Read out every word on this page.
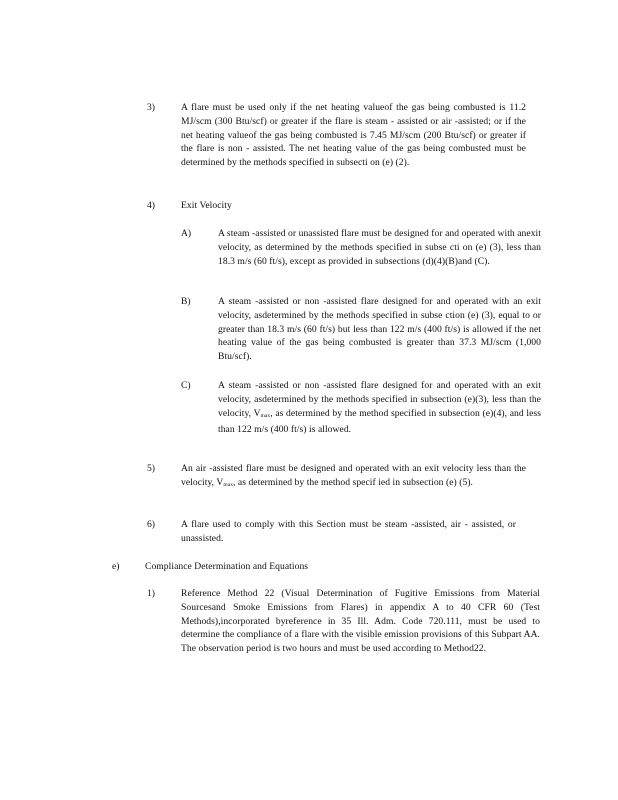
3)	A flare must be used only if the net heating valueof the gas being combusted is 11.2 MJ/scm (300 Btu/scf) or greater if the flare is steam - assisted or air -assisted; or if the net heating valueof the gas being combusted is 7.45 MJ/scm (200 Btu/scf) or greater if the flare is non - assisted. The net heating value of the gas being combusted must be determined by the methods specified in subsecti on (e) (2).
4)	Exit Velocity
A)	A steam -assisted or unassisted flare must be designed for and operated with anexit velocity, as determined by the methods specified in subse cti on (e) (3), less than 18.3 m/s (60 ft/s), except as provided in subsections (d)(4)(B)and (C).
B)	A steam -assisted or non -assisted flare designed for and operated with an exit velocity, asdetermined by the methods specified in subse ction (e) (3), equal to or greater than 18.3 m/s (60 ft/s) but less than 122 m/s (400 ft/s) is allowed if the net heating value of the gas being combusted is greater than 37.3 MJ/scm (1,000 Btu/scf).
C)	A steam -assisted or non -assisted flare designed for and operated with an exit velocity, asdetermined by the methods specified in subsection (e)(3), less than the velocity, Vmax, as determined by the method specified in subsection (e)(4), and less than 122 m/s (400 ft/s) is allowed.
5)	An air -assisted flare must be designed and operated with an exit velocity less than the velocity, Vmax, as determined by the method specif ied in subsection (e) (5).
6)	A flare used to comply with this Section must be steam -assisted, air - assisted, or unassisted.
e)	Compliance Determination and Equations
1)	Reference Method 22 (Visual Determination of Fugitive Emissions from Material Sourcesand Smoke Emissions from Flares) in appendix A to 40 CFR 60 (Test Methods),incorporated byreference in 35 Ill. Adm. Code 720.111, must be used to determine the compliance of a flare with the visible emission provisions of this Subpart AA. The observation period is two hours and must be used according to Method22.
